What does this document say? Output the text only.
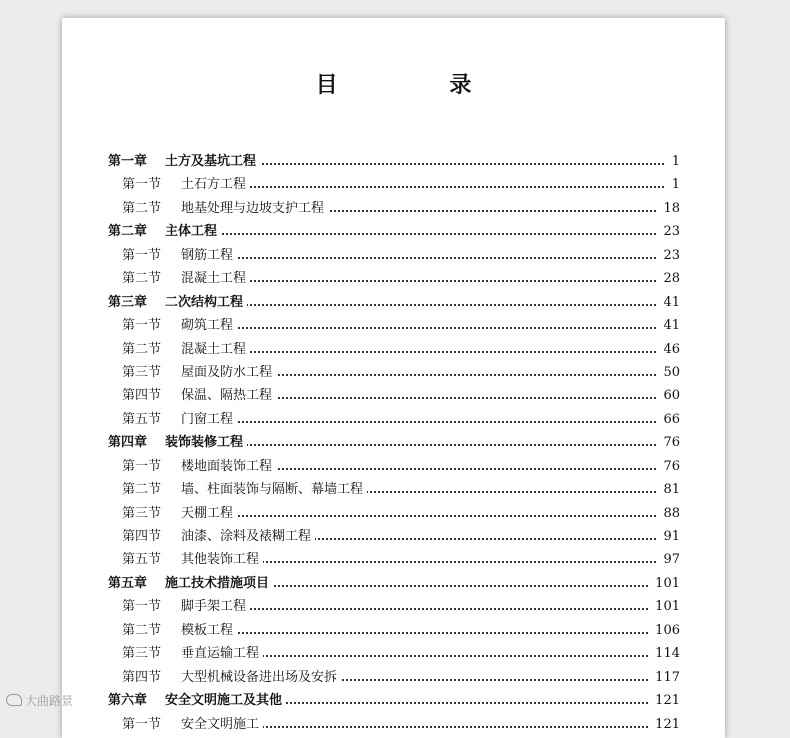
目 录
第一章 土方及基坑工程	1
第一节 土石方工程	1
第二节 地基处理与边坡支护工程	18
第二章 主体工程	23
第一节 钢筋工程	23
第二节 混凝土工程	28
第三章 二次结构工程	41
第一节 砌筑工程	41
第二节 混凝土工程	46
第三节 屋面及防水工程	50
第四节 保温、隔热工程	60
第五节 门窗工程	66
第四章 装饰装修工程	76
第一节 楼地面装饰工程	76
第二节 墙、柱面装饰与隔断、幕墙工程	81
第三节 天棚工程	88
第四节 油漆、涂料及裱糊工程	91
第五节 其他装饰工程	97
第五章 施工技术措施项目	101
第一节 脚手架工程	101
第二节 模板工程	106
第三节 垂直运输工程	114
第四节 大型机械设备进出场及安拆	117
第六章 安全文明施工及其他	121
第一节 安全文明施工	121
大曲路景
